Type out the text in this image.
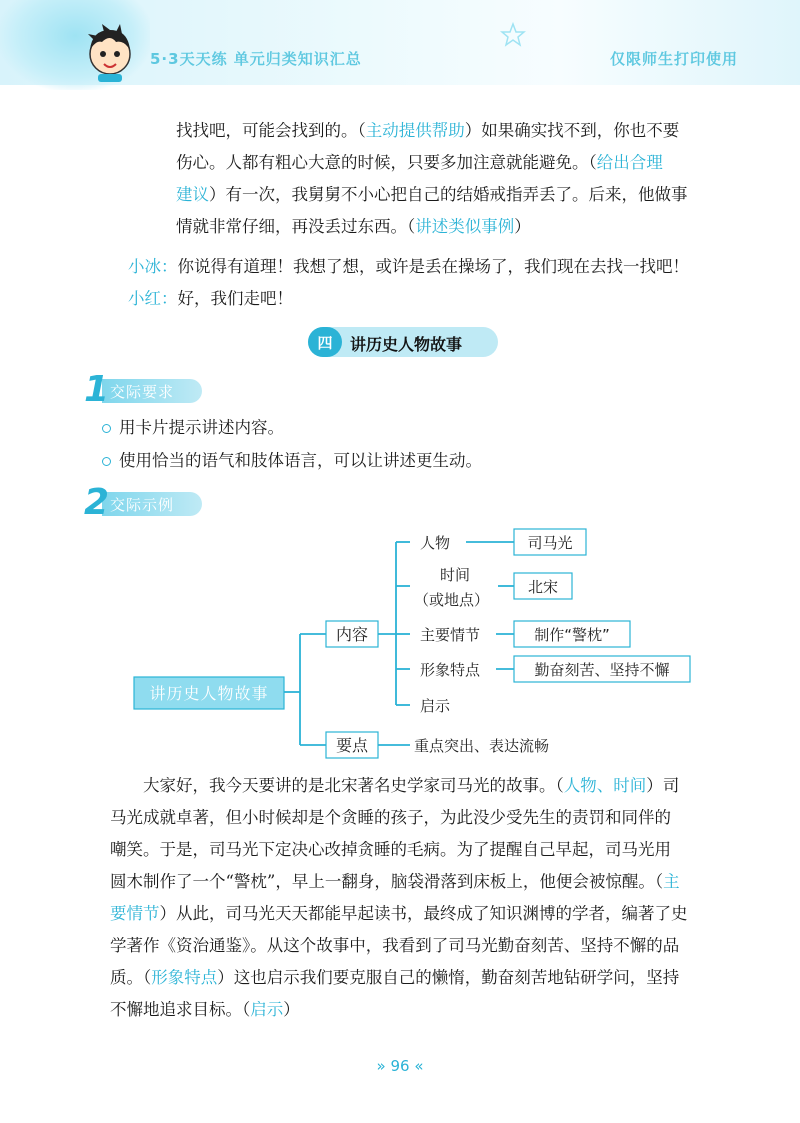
5·3天天练 单元归类知识汇总	仅限师生打印使用

找找吧，可能会找到的。（主动提供帮助）如果确实找不到，你也不要

伤心。人都有粗心大意的时候，只要多加注意就能避免。（给出合理

建议）有一次，我舅舅不小心把自己的结婚戒指弄丢了。后来，他做事

情就非常仔细，再没丢过东西。（讲述类似事例）

小冰：你说得有道理！我想了想，或许是丢在操场了，我们现在去找一找吧！
小红：好，我们走吧！
四	讲历史人物故事
1 交际要求
用卡片提示讲述内容。
使用恰当的语气和肢体语言，可以让讲述更生动。
2 交际示例
讲历史人物故事
内容
要点
人物
时间
（或地点）
主要情节
形象特点
启示
司马光
北宋
制作“警枕”
勤奋刻苦、坚持不懈
重点突出、表达流畅

大家好，我今天要讲的是北宋著名史学家司马光的故事。（人物、时间）司

马光成就卓著，但小时候却是个贪睡的孩子，为此没少受先生的责罚和同伴的

嘲笑。于是，司马光下定决心改掉贪睡的毛病。为了提醒自己早起，司马光用

圆木制作了一个“警枕”，早上一翻身，脑袋滑落到床板上，他便会被惊醒。（主

要情节）从此，司马光天天都能早起读书，最终成了知识渊博的学者，编著了史

学著作《资治通鉴》。从这个故事中，我看到了司马光勤奋刻苦、坚持不懈的品

质。（形象特点）这也启示我们要克服自己的懒惰，勤奋刻苦地钻研学问，坚持

不懈地追求目标。（启示）

» 96 «
